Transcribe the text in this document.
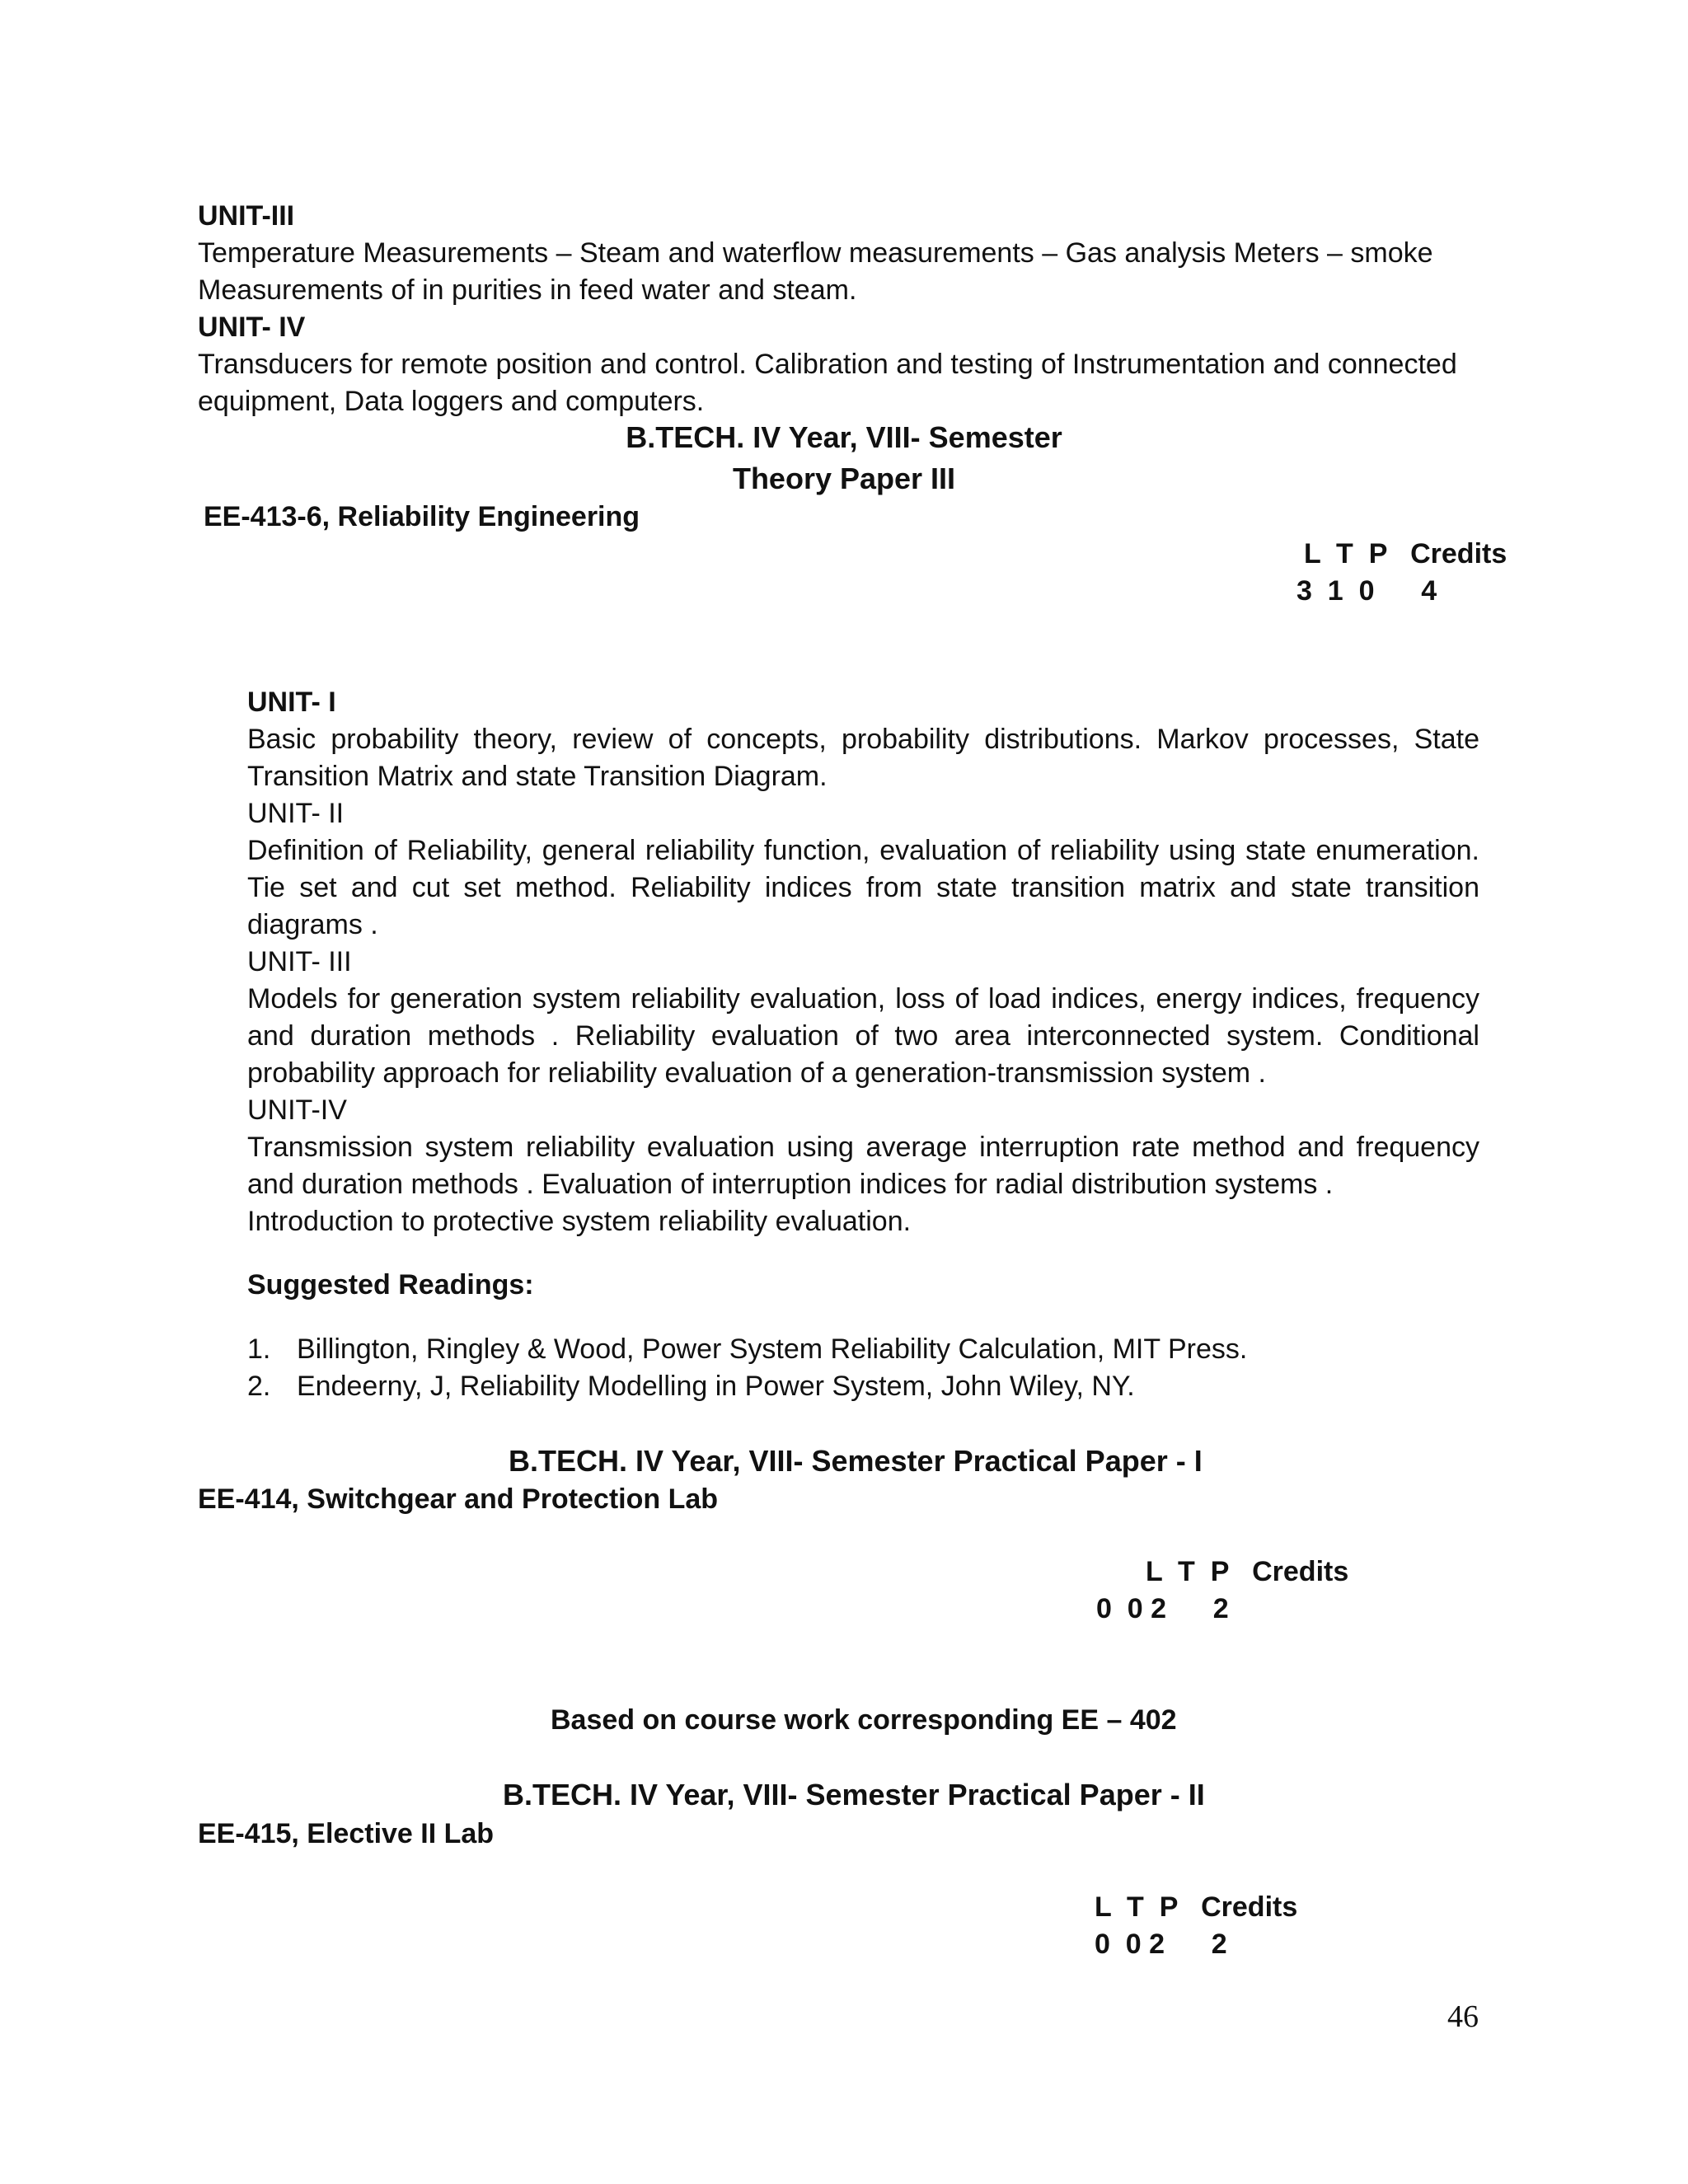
UNIT-III
Temperature Measurements – Steam and waterflow measurements – Gas analysis Meters – smoke
Measurements of in purities in feed water and steam.
UNIT- IV
Transducers for remote position and control. Calibration and testing of Instrumentation and connected
equipment, Data loggers and computers.
B.TECH. IV Year, VIII- Semester
Theory Paper III
EE-413-6, Reliability Engineering
L  T  P   Credits
3  1  0      4
UNIT- I
Basic probability theory, review of concepts, probability distributions. Markov processes, State Transition Matrix and state Transition Diagram.
UNIT- II
Definition of Reliability, general reliability function, evaluation of reliability using state enumeration. Tie set and cut set method. Reliability indices from state transition matrix and state transition diagrams .
UNIT- III
Models for generation system reliability evaluation, loss of load indices, energy indices, frequency and duration methods . Reliability evaluation of two area interconnected system. Conditional probability approach for reliability evaluation of a generation-transmission system .
UNIT-IV
Transmission system reliability evaluation using average interruption rate method and frequency and duration methods . Evaluation of interruption indices for radial distribution systems .
Introduction to protective system reliability evaluation.
Suggested Readings:
1. Billington, Ringley & Wood, Power System Reliability Calculation, MIT Press.
2. Endeerny, J, Reliability Modelling in Power System, John Wiley, NY.
B.TECH. IV Year, VIII- Semester Practical Paper - I
EE-414, Switchgear and Protection Lab
L  T  P   Credits
0  0 2      2
Based on course work corresponding EE – 402
B.TECH. IV Year, VIII- Semester Practical Paper - II
EE-415, Elective II Lab
L  T  P   Credits
0  0 2      2
46
